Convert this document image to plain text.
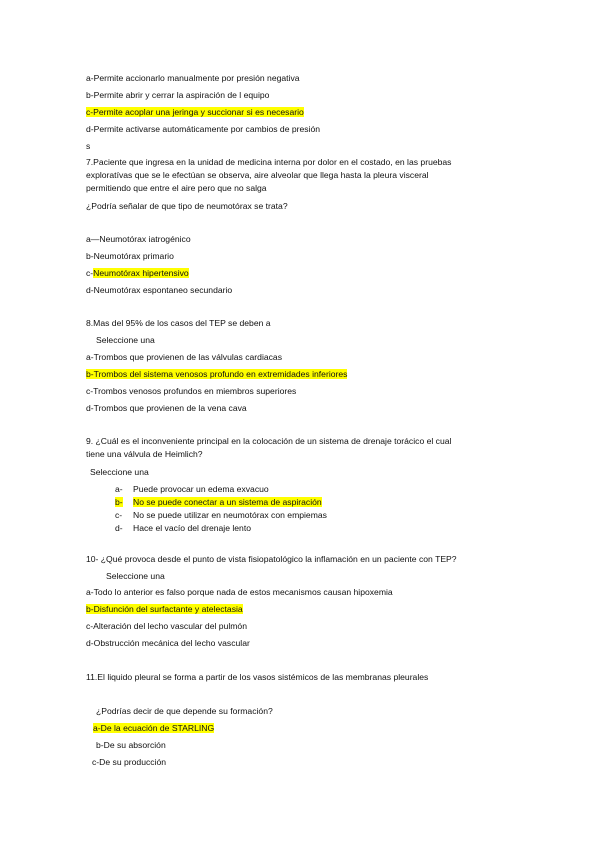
a-Permite accionarlo manualmente por presión negativa
b-Permite abrir y cerrar la aspiración de l equipo
c-Permite acoplar una jeringa y succionar si es necesario
d-Permite activarse automáticamente por cambios de presión
s
7.Paciente que ingresa en la unidad de medicina interna por dolor en el costado, en las pruebas
exploratívas que se le efectúan se observa, aire alveolar que llega hasta la pleura visceral
permitiendo que entre el aire pero que no salga
¿Podría señalar de que tipo de neumotórax se trata?
a—Neumotórax iatrogénico
b-Neumotórax primario
c-Neumotórax hipertensivo
d-Neumotórax espontaneo secundario
8.Mas del 95% de los casos del TEP se deben a
Seleccione una
a-Trombos que provienen de las válvulas cardiacas
b-Trombos del sistema venosos profundo en extremidades inferiores
c-Trombos venosos profundos en miembros superiores
d-Trombos que provienen de la vena cava
9. ¿Cuál es el inconveniente principal en la colocación de un sistema de drenaje torácico el cual
tiene una válvula de Heimlich?
Seleccione una
a- Puede provocar un edema exvacuo
b- No se puede conectar a un sistema de aspiración
c- No se puede utilizar en neumotórax con empiemas
d- Hace el vacío del drenaje lento
10- ¿Qué provoca desde el punto de vista fisiopatológico la inflamación en un paciente con TEP?
Seleccione una
a-Todo lo anterior es falso porque nada de estos mecanismos causan hipoxemia
b-Disfunción del surfactante y atelectasia
c-Alteración del lecho vascular del pulmón
d-Obstrucción mecánica del lecho vascular
11.El liquido pleural se forma a partir de los vasos sistémicos de las membranas pleurales
¿Podrías decir de que depende su formación?
a-De la ecuación de STARLING
b-De su absorción
c-De su producción
